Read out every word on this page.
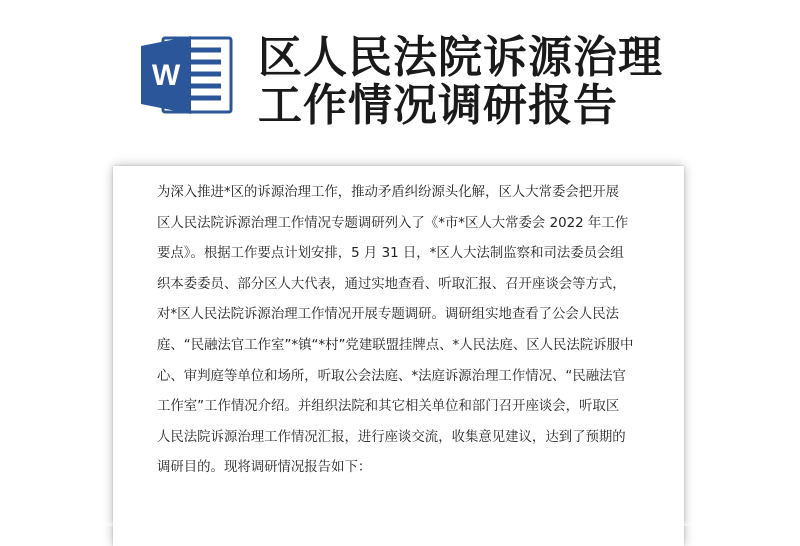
W 区人民法院诉源治理
工作情况调研报告
为深入推进*区的诉源治理工作，推动矛盾纠纷源头化解，区人大常委会把开展
区人民法院诉源治理工作情况专题调研列入了《*市*区人大常委会 2022 年工作
要点》。根据工作要点计划安排，5 月 31 日，*区人大法制监察和司法委员会组
织本委委员、部分区人大代表，通过实地查看、听取汇报、召开座谈会等方式，
对*区人民法院诉源治理工作情况开展专题调研。调研组实地查看了公会人民法
庭、“民融法官工作室”*镇“*村”党建联盟挂牌点、*人民法庭、区人民法院诉服中
心、审判庭等单位和场所，听取公会法庭、*法庭诉源治理工作情况、“民融法官
工作室”工作情况介绍。并组织法院和其它相关单位和部门召开座谈会，听取区
人民法院诉源治理工作情况汇报，进行座谈交流，收集意见建议，达到了预期的
调研目的。现将调研情况报告如下：
